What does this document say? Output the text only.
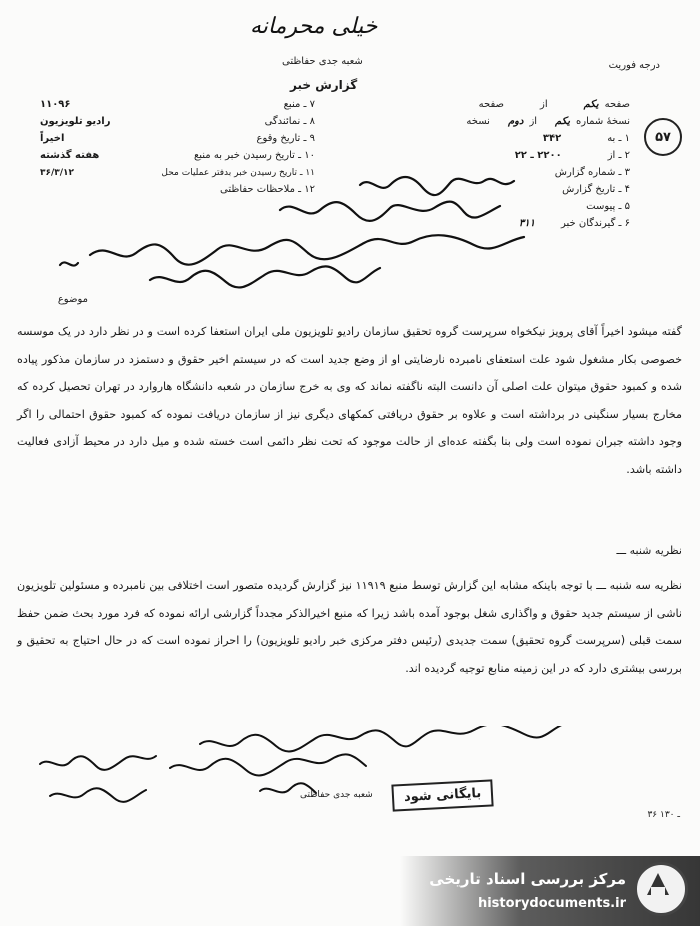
خیلی محرمانه
شعبه جدی حفاظتی
گزارش خبر
درجه فوریت
۵۷
۷ ـ منبع
۱۱۰۹۶
۸ ـ نمائندگی
رادیو تلویزیون
۹ ـ تاریخ وقوع
اخیراً
۱۰ ـ تاریخ رسیدن خبر به منبع
هفته گذشته
۱۱ ـ تاریخ رسیدن خبر بدفتر عملیات محل
۳۶/۳/۱۲
۱۲ ـ ملاحظات حفاظتی
صفحه
یکم
از
صفحه
نسخهٔ شماره
یکم
از
دوم
نسخه
۱ ـ به
۳۴۲
۲ ـ از
۲۲۰۰ ـ ۲۲
۳ ـ شماره گزارش
۴ ـ تاریخ گزارش
۵ ـ پیوست
۶ ـ گیرندگان خبر
۳۱۱
موضوع
گفته میشود اخیراً آقای پرویز نیکخواه سرپرست گروه تحقیق سازمان رادیو تلویزیون ملی ایران استعفا کرده است و در نظر دارد در یک موسسه خصوصی بکار مشغول شود علت استعفای نامبرده نارضایتی او از وضع جدید است که در سیستم اخیر حقوق و دستمزد در سازمان مذکور پیاده شده و کمبود حقوق میتوان علت اصلی آن دانست البته ناگفته نماند که وی به خرج سازمان در شعبه دانشگاه هاروارد در تهران تحصیل کرده که مخارج بسیار سنگینی در برداشته است و علاوه بر حقوق دریافتی کمکهای دیگری نیز از سازمان دریافت نموده که کمبود حقوق احتمالی را اگر وجود داشته جبران نموده است ولی بنا بگفته عده‌ای از حالت موجود که تحت نظر دائمی است خسته شده و میل دارد در محیط آزادی فعالیت داشته باشد.
نظریه شنبه ـــ
نظریه سه شنبه ـــ با توجه باینکه مشابه این گزارش توسط منبع ۱۱۹۱۹ نیز گزارش گردیده متصور است اختلافی بین نامبرده و مسئولین تلویزیون ناشی از سیستم جدید حقوق و واگذاری شغل بوجود آمده باشد زیرا که منبع اخیرالذکر مجدداً گزارشی ارائه نموده که فرد مورد بحث ضمن حفظ سمت قبلی (سرپرست گروه تحقیق) سمت جدیدی (رئیس دفتر مرکزی خبر رادیو تلویزیون) را احراز نموده است که در حال احتیاج به تحقیق و بررسی بیشتری دارد که در این زمینه منابع توجیه گردیده اند.
بایگانی شود
شعبه جدی حفاظتی
۳۶ ـ ۱۳۰
مرکز بررسی اسناد تاریخی
historydocuments.ir
